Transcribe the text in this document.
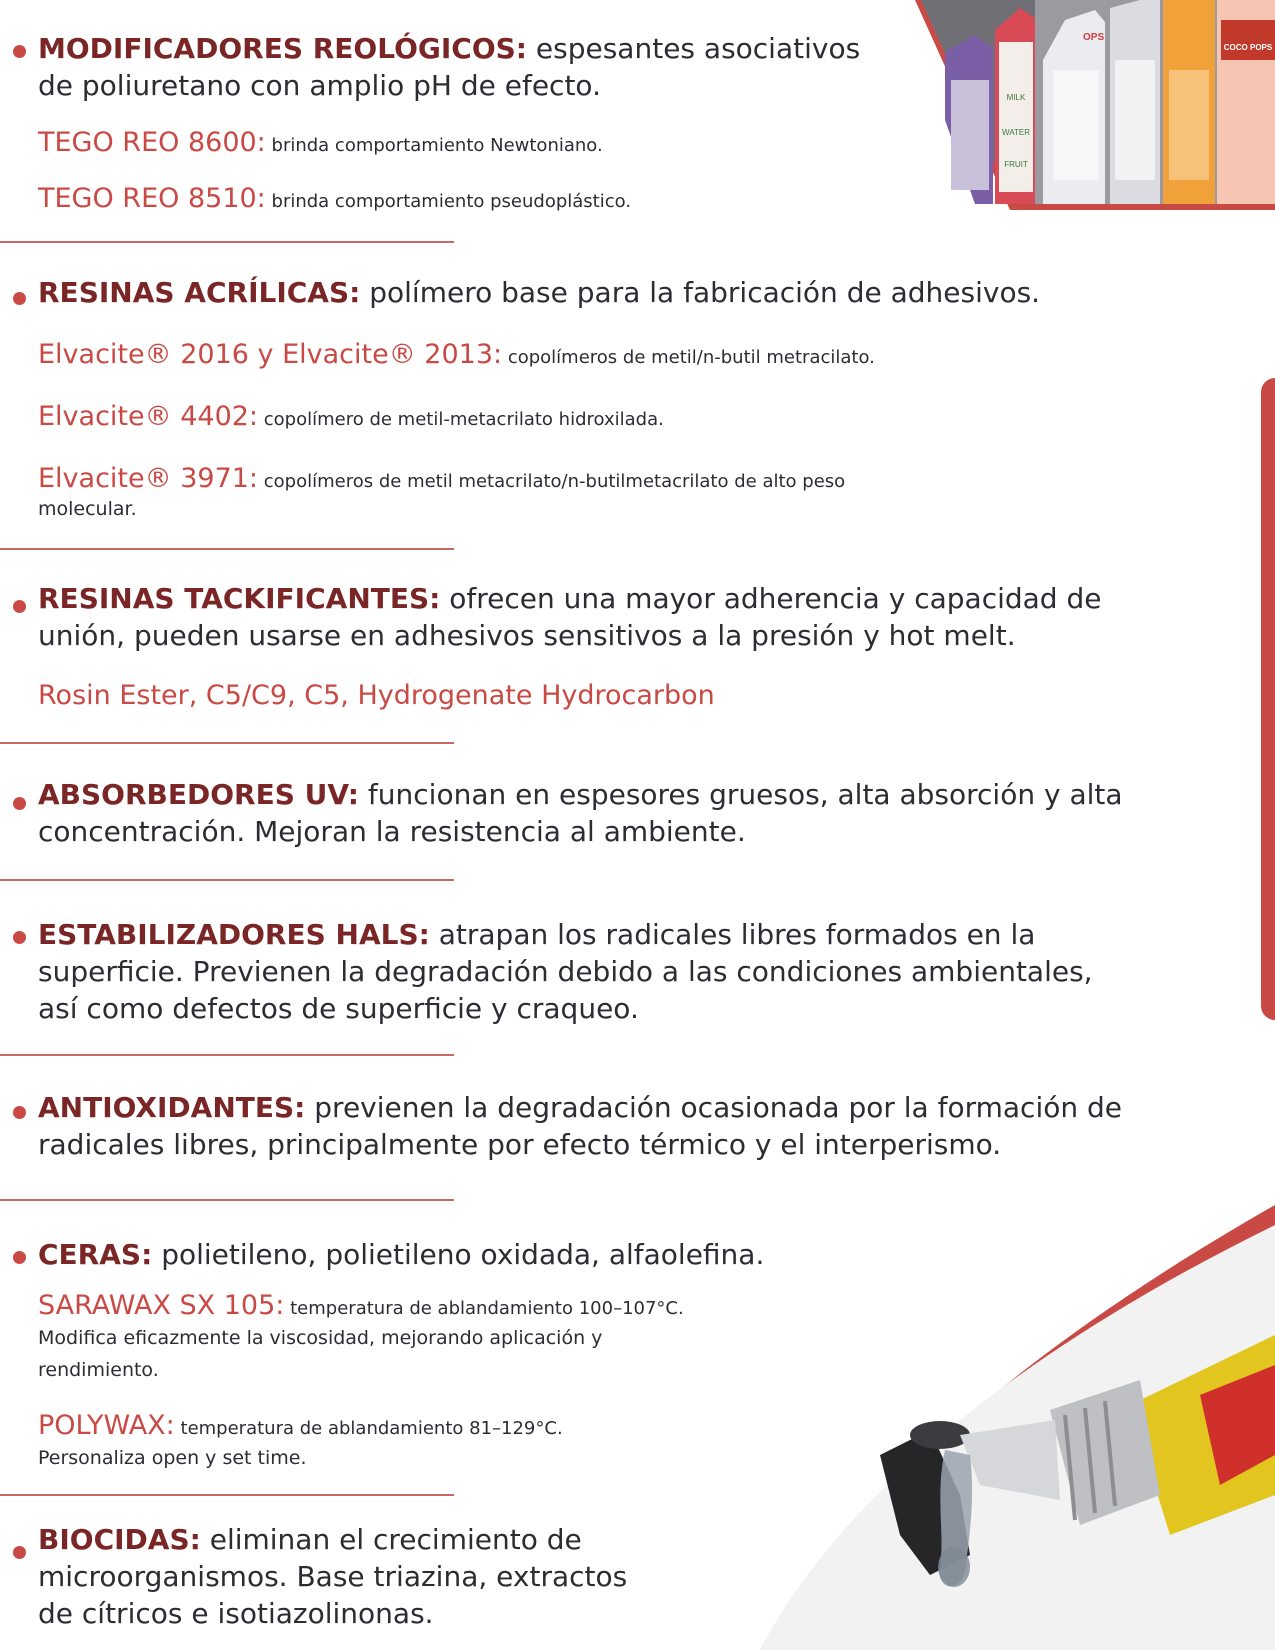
MILK
WATER
FRUIT
OPS
COCO POPS

MODIFICADORES REOLÓGICOS: espesantes asociativos
de poliuretano con amplio pH de efecto.

TEGO REO 8600: brinda comportamiento Newtoniano.

TEGO REO 8510: brinda comportamiento pseudoplástico.

RESINAS ACRÍLICAS: polímero base para la fabricación de adhesivos.

Elvacite® 2016 y Elvacite® 2013: copolímeros de metil/n-butil metracilato.

Elvacite® 4402: copolímero de metil-metacrilato hidroxilada.

Elvacite® 3971: copolímeros de metil metacrilato/n-butilmetacrilato de alto peso
molecular.

RESINAS TACKIFICANTES: ofrecen una mayor adherencia y capacidad de
unión, pueden usarse en adhesivos sensitivos a la presión y hot melt.

Rosin Ester, C5/C9, C5, Hydrogenate Hydrocarbon

ABSORBEDORES UV: funcionan en espesores gruesos, alta absorción y alta
concentración. Mejoran la resistencia al ambiente.

ESTABILIZADORES HALS: atrapan los radicales libres formados en la
superficie. Previenen la degradación debido a las condiciones ambientales,
así como defectos de superficie y craqueo.

ANTIOXIDANTES: previenen la degradación ocasionada por la formación de
radicales libres, principalmente por efecto térmico y el interperismo.

CERAS: polietileno, polietileno oxidada, alfaolefina.

SARAWAX SX 105: temperatura de ablandamiento 100–107°C.
Modifica eficazmente la viscosidad, mejorando aplicación y
rendimiento.

POLYWAX: temperatura de ablandamiento 81–129°C.
Personaliza open y set time.

BIOCIDAS: eliminan el crecimiento de
microorganismos. Base triazina, extractos
de cítricos e isotiazolinonas.
